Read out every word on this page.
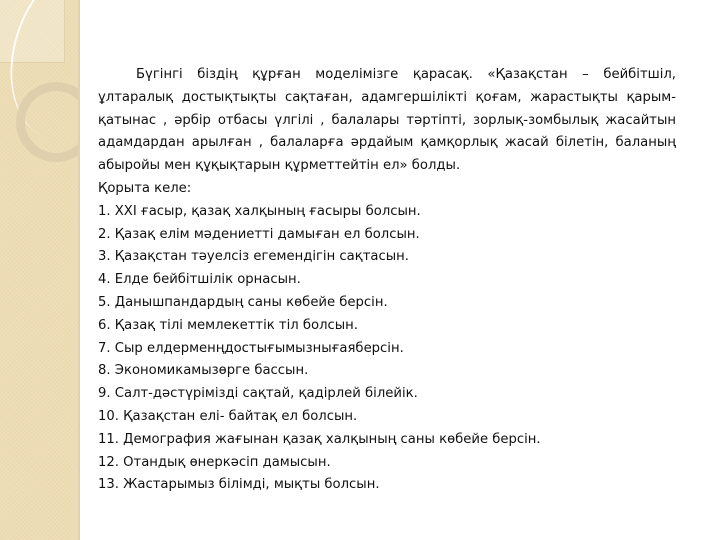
Бүгінгі біздің құрған моделімізге қарасақ. «Қазақстан – бейбітшіл, ұлтаралық достықтықты сақтаған, адамгершілікті қоғам, жарастықты қарым-қатынас , әрбір отбасы үлгілі , балалары тәртіпті, зорлық-зомбылық жасайтын адамдардан арылған , балаларға әрдайым қамқорлық жасай білетін, баланың абыройы мен құқықтарын құрметтейтін ел» болды.

Қорыта келе:

1. XXI ғасыр, қазақ халқының ғасыры болсын.

2. Қазақ елім мәдениетті дамыған ел болсын.

3. Қазақстан тәуелсіз егемендігін сақтасын.

4. Елде бейбітшілік орнасын.

5. Данышпандардың саны көбейе берсін.

6. Қазақ тілі мемлекеттік тіл болсын.

7. Сыр елдерменңдостығымызнығаяберсін.

8. Экономикамызөрге бассын.

9. Салт-дәстүрімізді сақтай, қадірлей білейік.

10. Қазақстан елі- байтақ ел болсын.

11. Демография жағынан қазақ халқының саны көбейе берсін.

12. Отандық өнеркәсіп дамысын.

13. Жастарымыз білімді, мықты болсын.
